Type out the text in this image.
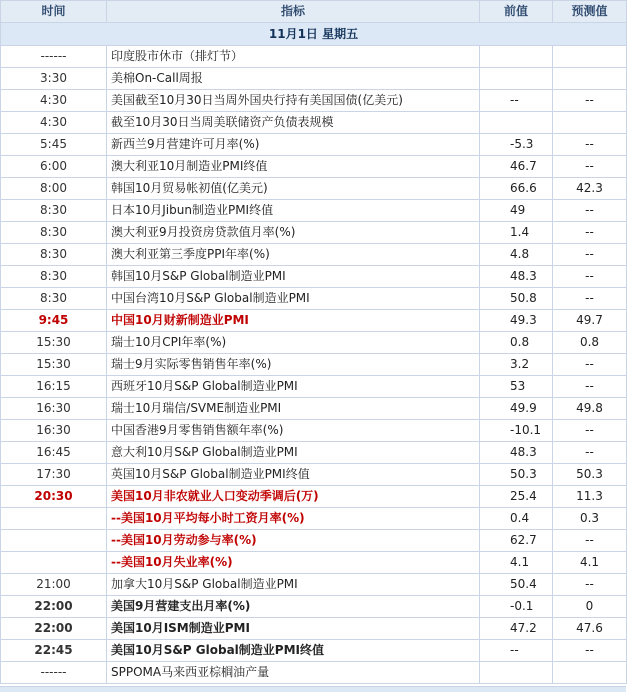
时间	指标	前值	预测值
11月1日 星期五			
------	印度股市休市（排灯节）		
3:30	美棉On-Call周报		
4:30	美国截至10月30日当周外国央行持有美国国债(亿美元)	--	--
4:30	截至10月30日当周美联储资产负债表规模		
5:45	新西兰9月营建许可月率(%)	-5.3	--
6:00	澳大利亚10月制造业PMI终值	46.7	--
8:00	韩国10月贸易帐初值(亿美元)	66.6	42.3
8:30	日本10月Jibun制造业PMI终值	49	--
8:30	澳大利亚9月投资房贷款值月率(%)	1.4	--
8:30	澳大利亚第三季度PPI年率(%)	4.8	--
8:30	韩国10月S&P Global制造业PMI	48.3	--
8:30	中国台湾10月S&P Global制造业PMI	50.8	--
9:45	中国10月财新制造业PMI	49.3	49.7
15:30	瑞士10月CPI年率(%)	0.8	0.8
15:30	瑞士9月实际零售销售年率(%)	3.2	--
16:15	西班牙10月S&P Global制造业PMI	53	--
16:30	瑞士10月瑞信/SVME制造业PMI	49.9	49.8
16:30	中国香港9月零售销售额年率(%)	-10.1	--
16:45	意大利10月S&P Global制造业PMI	48.3	--
17:30	英国10月S&P Global制造业PMI终值	50.3	50.3
20:30	美国10月非农就业人口变动季调后(万)	25.4	11.3
	--美国10月平均每小时工资月率(%)	0.4	0.3
	--美国10月劳动参与率(%)	62.7	--
	--美国10月失业率(%)	4.1	4.1
21:00	加拿大10月S&P Global制造业PMI	50.4	--
22:00	美国9月营建支出月率(%)	-0.1	0
22:00	美国10月ISM制造业PMI	47.2	47.6
22:45	美国10月S&P Global制造业PMI终值	--	--
------	SPPOMA马来西亚棕榈油产量		
